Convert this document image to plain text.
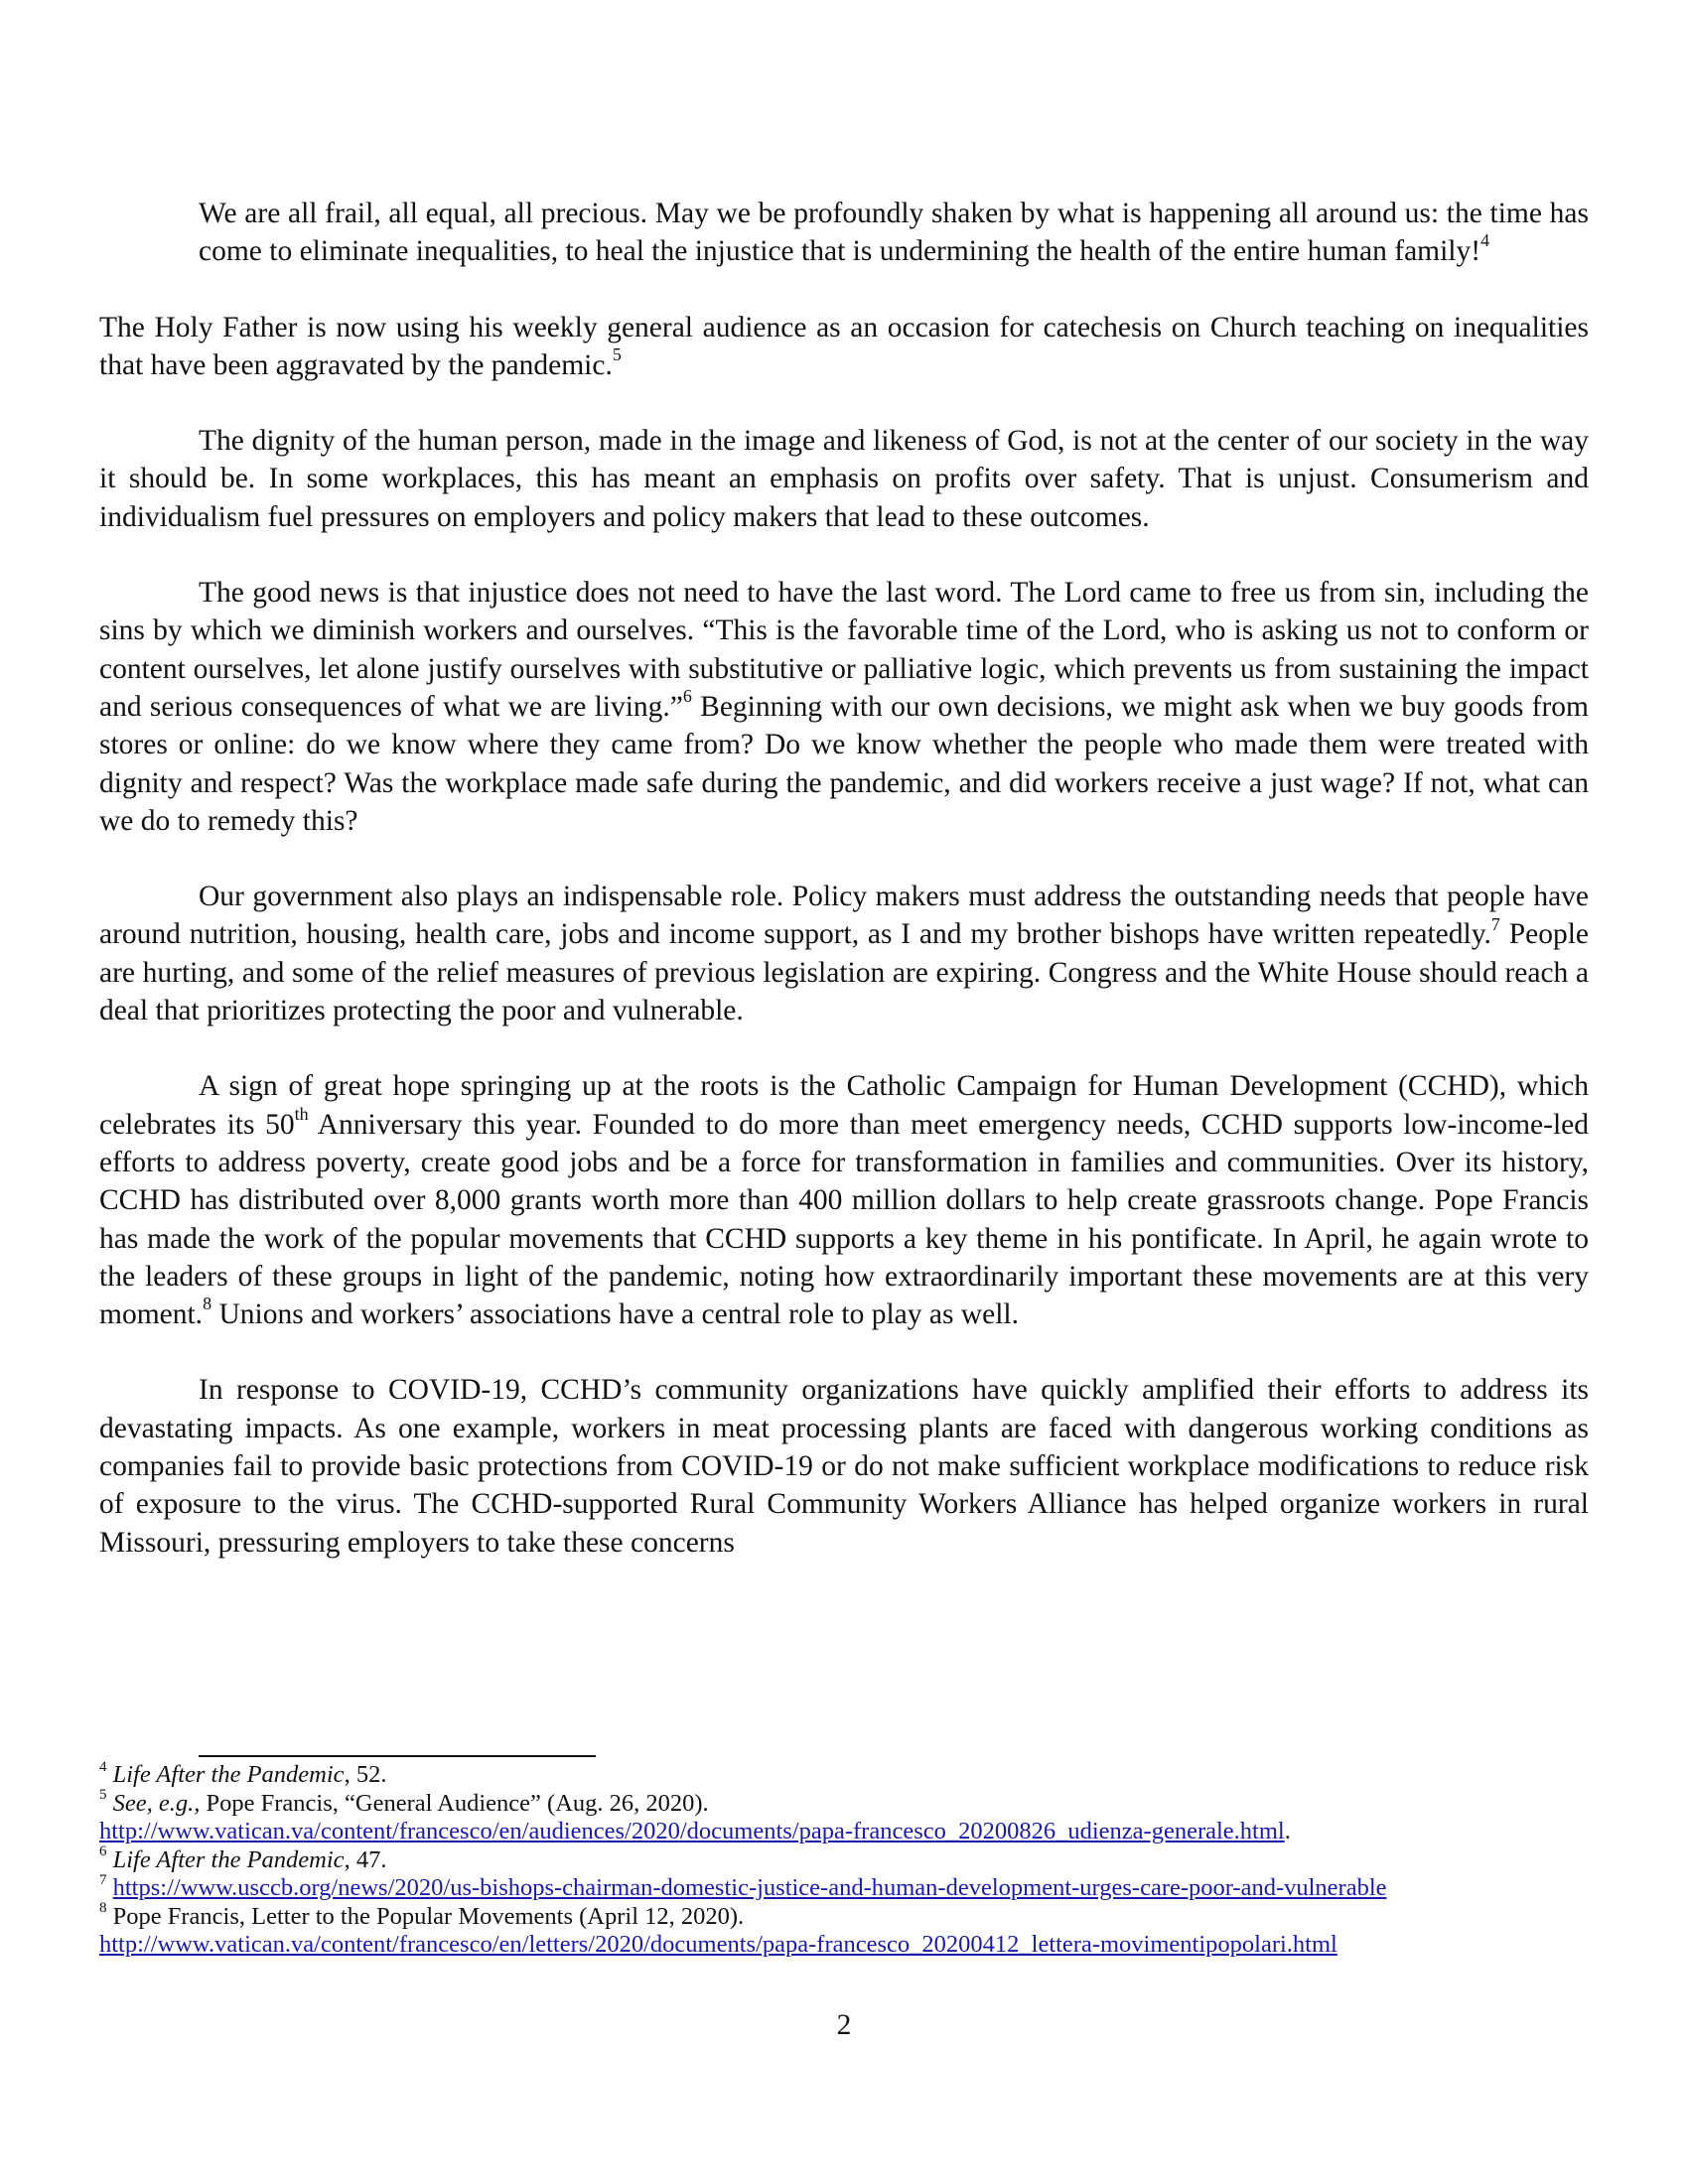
We are all frail, all equal, all precious. May we be profoundly shaken by what is happening all around us: the time has come to eliminate inequalities, to heal the injustice that is undermining the health of the entire human family!$^4$

The Holy Father is now using his weekly general audience as an occasion for catechesis on Church teaching on inequalities that have been aggravated by the pandemic.$^5$

The dignity of the human person, made in the image and likeness of God, is not at the center of our society in the way it should be. In some workplaces, this has meant an emphasis on profits over safety. That is unjust. Consumerism and individualism fuel pressures on employers and policy makers that lead to these outcomes.

The good news is that injustice does not need to have the last word. The Lord came to free us from sin, including the sins by which we diminish workers and ourselves. “This is the favorable time of the Lord, who is asking us not to conform or content ourselves, let alone justify ourselves with substitutive or palliative logic, which prevents us from sustaining the impact and serious consequences of what we are living.”$^6$ Beginning with our own decisions, we might ask when we buy goods from stores or online: do we know where they came from? Do we know whether the people who made them were treated with dignity and respect? Was the workplace made safe during the pandemic, and did workers receive a just wage? If not, what can we do to remedy this?

Our government also plays an indispensable role. Policy makers must address the outstanding needs that people have around nutrition, housing, health care, jobs and income support, as I and my brother bishops have written repeatedly.$^7$ People are hurting, and some of the relief measures of previous legislation are expiring. Congress and the White House should reach a deal that prioritizes protecting the poor and vulnerable.

A sign of great hope springing up at the roots is the Catholic Campaign for Human Development (CCHD), which celebrates its 50th Anniversary this year. Founded to do more than meet emergency needs, CCHD supports low-income-led efforts to address poverty, create good jobs and be a force for transformation in families and communities. Over its history, CCHD has distributed over 8,000 grants worth more than 400 million dollars to help create grassroots change. Pope Francis has made the work of the popular movements that CCHD supports a key theme in his pontificate. In April, he again wrote to the leaders of these groups in light of the pandemic, noting how extraordinarily important these movements are at this very moment.$^8$ Unions and workers’ associations have a central role to play as well.

In response to COVID-19, CCHD’s community organizations have quickly amplified their efforts to address its devastating impacts. As one example, workers in meat processing plants are faced with dangerous working conditions as companies fail to provide basic protections from COVID-19 or do not make sufficient workplace modifications to reduce risk of exposure to the virus. The CCHD-supported Rural Community Workers Alliance has helped organize workers in rural Missouri, pressuring employers to take these concerns

$^4$ Life After the Pandemic, 52.

$^5$ See, e.g., Pope Francis, “General Audience” (Aug. 26, 2020).

http://www.vatican.va/content/francesco/en/audiences/2020/documents/papa-francesco_20200826_udienza-generale.html.

$^6$ Life After the Pandemic, 47.

$^7$ https://www.usccb.org/news/2020/us-bishops-chairman-domestic-justice-and-human-development-urges-care-poor-and-vulnerable

$^8$ Pope Francis, Letter to the Popular Movements (April 12, 2020).

http://www.vatican.va/content/francesco/en/letters/2020/documents/papa-francesco_20200412_lettera-movimentipopolari.html

2
